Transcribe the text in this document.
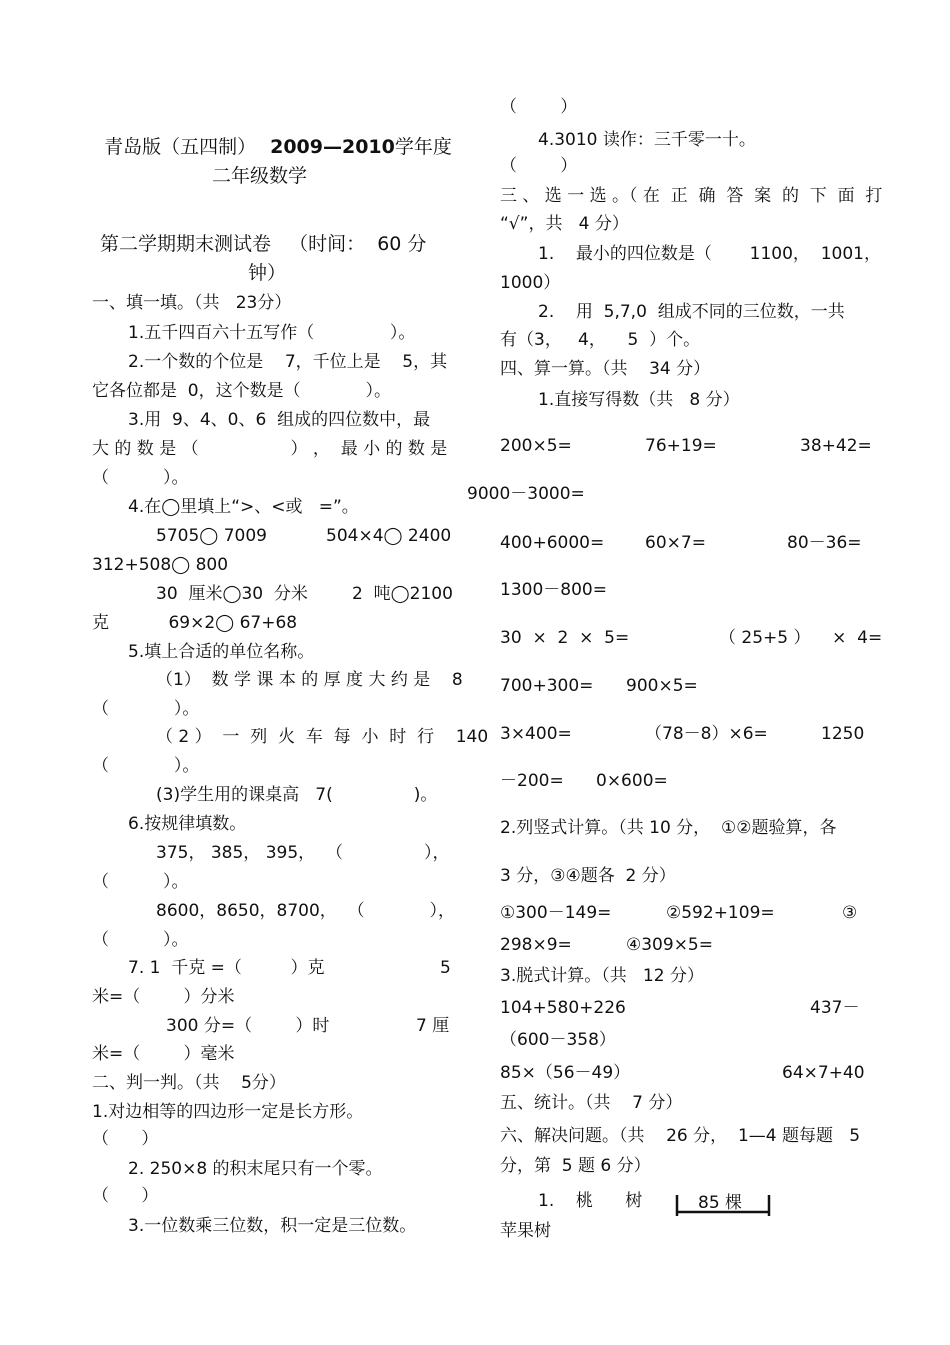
青岛版（五四制） 2009—2010学年度

二年级数学
第二学期期末测试卷   （时间：  60 分
钟）
一、填一填。（共   23分）
1.五千四百六十五写作（              ）。
2.一个数的个位是    7，千位上是    5，其
它各位都是  0，这个数是（            ）。
3.用  9、4、0、6  组成的四位数中，最
大 的 数 是 （                 ） ，  最 小 的 数 是
（          ）。
4.在◯里填上“>、<或   =”。
5705◯ 7009	504×4◯ 2400
312+508◯ 800
30  厘米◯30  分米	2  吨◯2100
克           69×2◯ 67+68
5.填上合适的单位名称。
（1）  数 学 课 本 的 厚 度 大 约 是    8
（            ）。
（ 2 ）  一  列  火  车  每  小  时  行    140
（            ）。
(3)学生用的课桌高   7(               )。
6.按规律填数。
375， 385， 395，  （               ），
（          ）。
8600，8650，8700，  （            ），
（          ）。
7. 1  千克 =（         ）克	5
米=（        ）分米
300 分=（        ）时	7 厘
米=（        ）毫米
二、判一判。（共    5分）
1.对边相等的四边形一定是长方形。
（      ）
2. 250×8 的积末尾只有一个零。
（      ）
3.一位数乘三位数，积一定是三位数。
（        ）
4.3010 读作：三千零一十。
（        ）
三 、 选 一 选 。（ 在  正  确  答  案  的  下  面  打
“√”，共   4 分）
1.    最小的四位数是（       1100，  1001，
1000）
2.    用  5,7,0  组成不同的三位数，一共
有（3，   4，    5  ）个。
四、算一算。（共    34 分）
1.直接写得数（共   8 分）
200×5=	76+19=	38+42=
9000－3000=
400+6000= 60×7=	80－36=
1300－800=
30  ×  2  ×  5=	（ 25+5 ）    ×  4=
700+300= 900×5=
3×400=	（78－8）×6=	1250
－200= 0×600=
2.列竖式计算。（共 10 分，  ①②题验算，各
3 分，③④题各  2 分）
①300－149=	②592+109=	③
298×9=	④309×5=
3.脱式计算。（共   12 分）
104+580+226	437－
（600－358）
85×（56－49）	64×7+40
五、统计。（共    7 分）
六、解决问题。（共    26 分，  1—4 题每题   5
分，第  5 题 6 分）
1.    桃      树	85 棵
苹果树
